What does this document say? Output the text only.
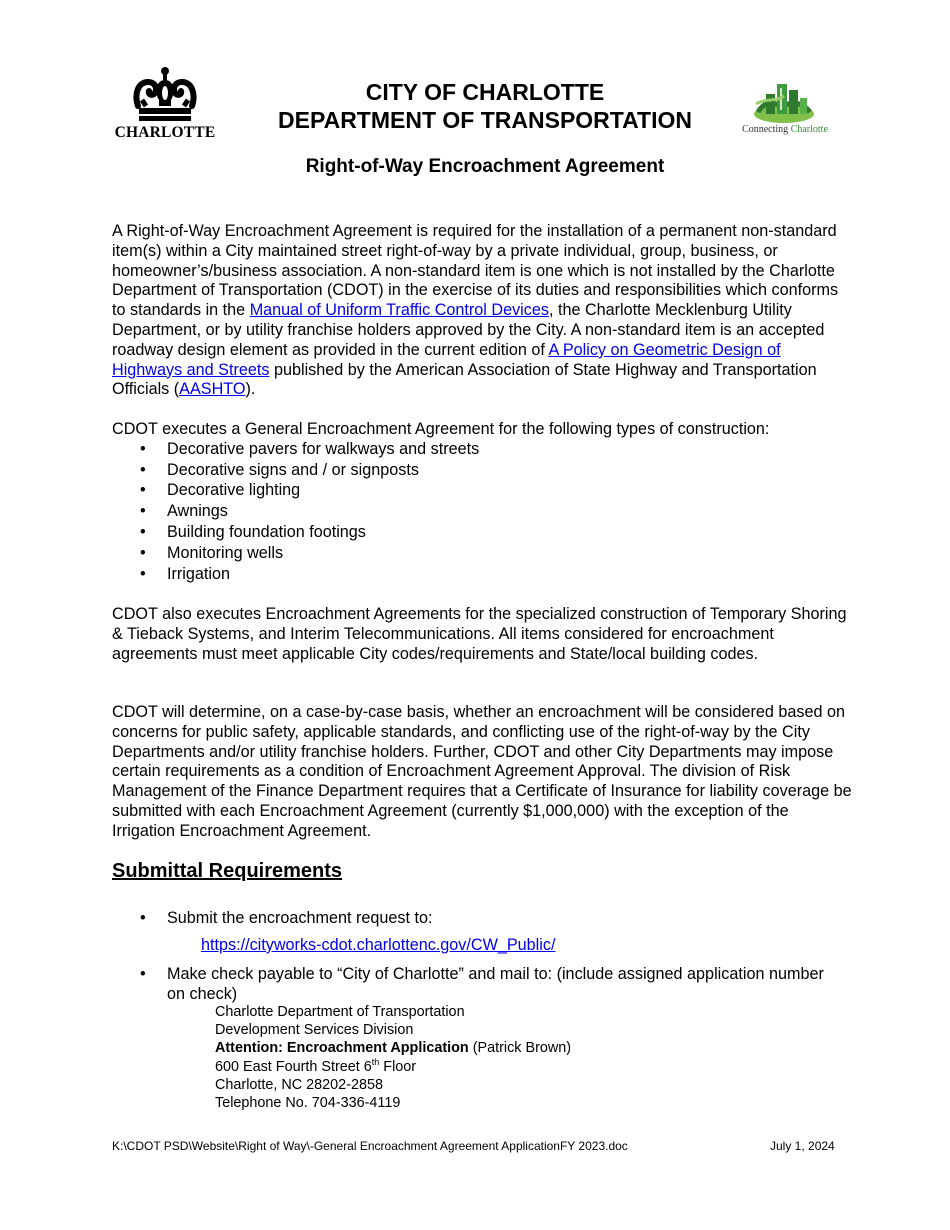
CHARLOTTE
CITY OF CHARLOTTE
DEPARTMENT OF TRANSPORTATION	Connecting Charlotte
Right-of-Way Encroachment Agreement
A Right-of-Way Encroachment Agreement is required for the installation of a permanent non-standard item(s) within a City maintained street right-of-way by a private individual, group, business, or homeowner’s/business association. A non-standard item is one which is not installed by the Charlotte Department of Transportation (CDOT) in the exercise of its duties and responsibilities which conforms to standards in the Manual of Uniform Traffic Control Devices, the Charlotte Mecklenburg Utility Department, or by utility franchise holders approved by the City. A non-standard item is an accepted roadway design element as provided in the current edition of A Policy on Geometric Design of Highways and Streets published by the American Association of State Highway and Transportation Officials (AASHTO).
CDOT executes a General Encroachment Agreement for the following types of construction:
• Decorative pavers for walkways and streets
• Decorative signs and / or signposts
• Decorative lighting
• Awnings
• Building foundation footings
• Monitoring wells
• Irrigation
CDOT also executes Encroachment Agreements for the specialized construction of Temporary Shoring & Tieback Systems, and Interim Telecommunications. All items considered for encroachment agreements must meet applicable City codes/requirements and State/local building codes.
CDOT will determine, on a case-by-case basis, whether an encroachment will be considered based on concerns for public safety, applicable standards, and conflicting use of the right-of-way by the City Departments and/or utility franchise holders. Further, CDOT and other City Departments may impose certain requirements as a condition of Encroachment Agreement Approval. The division of Risk Management of the Finance Department requires that a Certificate of Insurance for liability coverage be submitted with each Encroachment Agreement (currently $1,000,000) with the exception of the Irrigation Encroachment Agreement.
Submittal Requirements
• Submit the encroachment request to:
https://cityworks-cdot.charlottenc.gov/CW_Public/
• Make check payable to “City of Charlotte” and mail to: (include assigned application number on check)
Charlotte Department of Transportation
Development Services Division
Attention: Encroachment Application (Patrick Brown)
600 East Fourth Street 6th Floor
Charlotte, NC 28202-2858
Telephone No. 704-336-4119
K:\CDOT PSD\Website\Right of Way\-General Encroachment Agreement ApplicationFY 2023.doc	July 1, 2024
